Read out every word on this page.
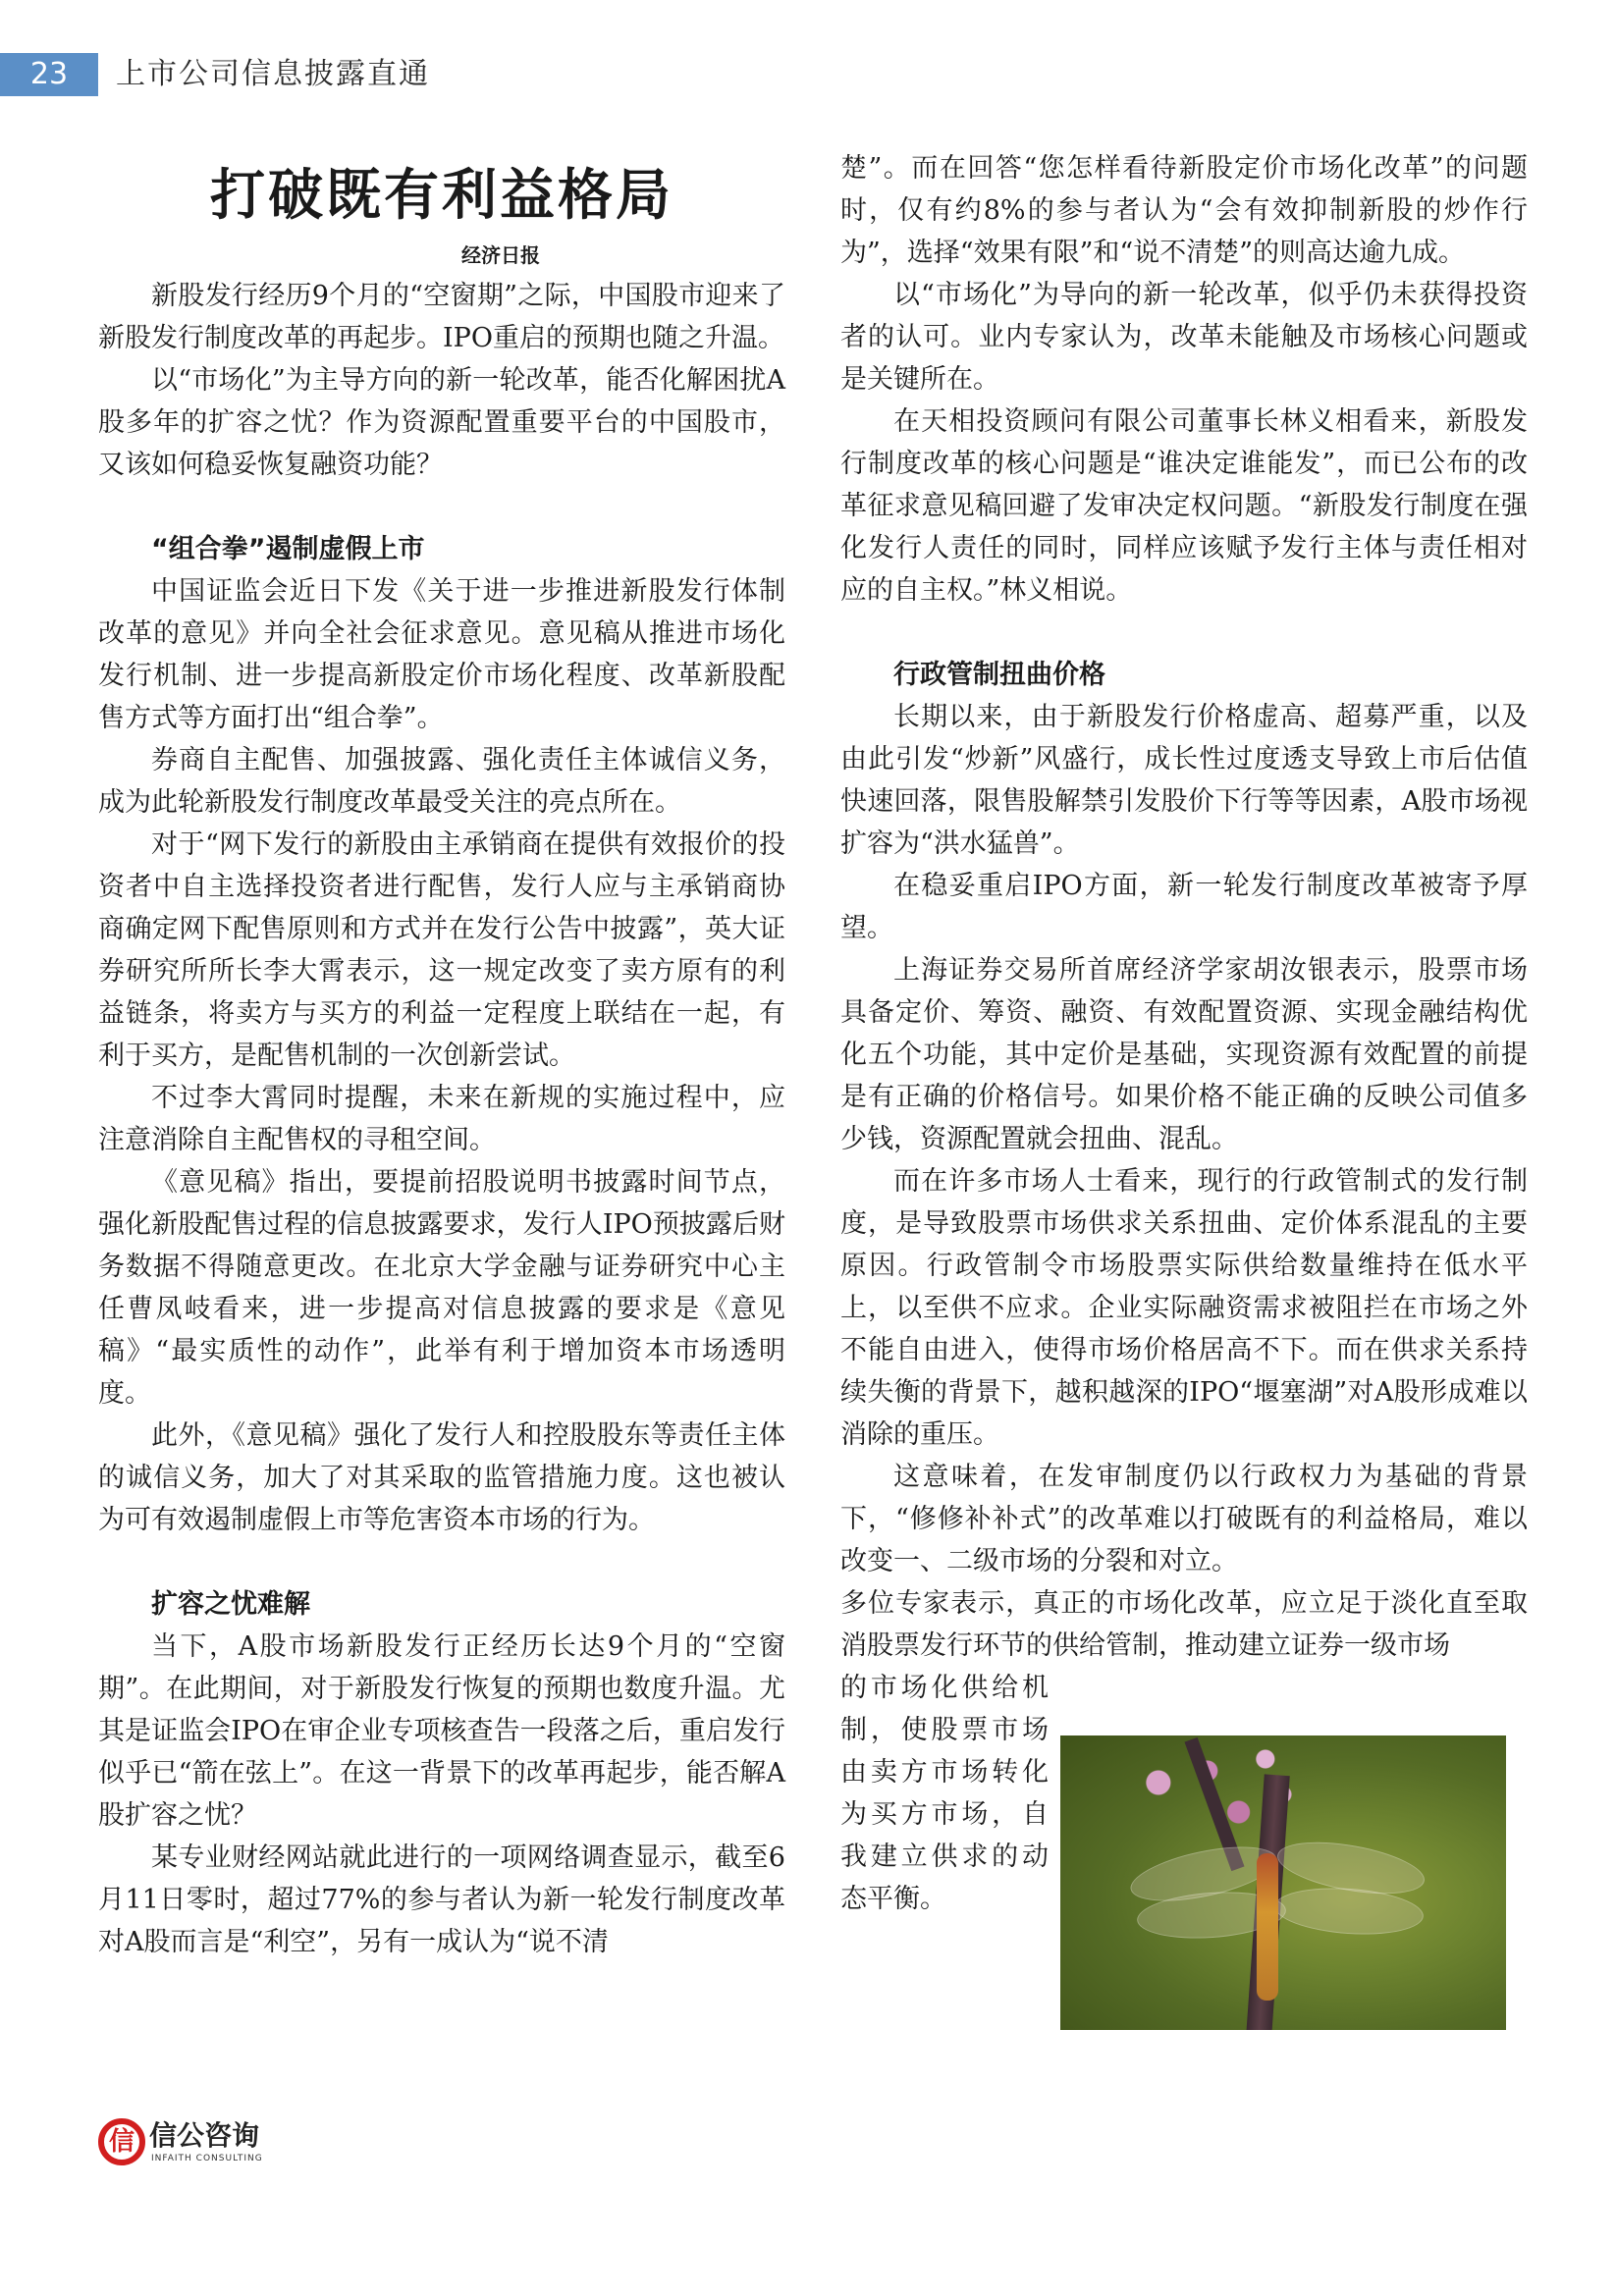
23	上市公司信息披露直通
打破既有利益格局
经济日报

新股发行经历9个月的“空窗期”之际，中国股市迎来了新股发行制度改革的再起步。IPO重启的预期也随之升温。

以“市场化”为主导方向的新一轮改革，能否化解困扰A股多年的扩容之忧？作为资源配置重要平台的中国股市，又该如何稳妥恢复融资功能？

“组合拳”遏制虚假上市

中国证监会近日下发《关于进一步推进新股发行体制改革的意见》并向全社会征求意见。意见稿从推进市场化发行机制、进一步提高新股定价市场化程度、改革新股配售方式等方面打出“组合拳”。

券商自主配售、加强披露、强化责任主体诚信义务，成为此轮新股发行制度改革最受关注的亮点所在。

对于“网下发行的新股由主承销商在提供有效报价的投资者中自主选择投资者进行配售，发行人应与主承销商协商确定网下配售原则和方式并在发行公告中披露”，英大证券研究所所长李大霄表示，这一规定改变了卖方原有的利益链条，将卖方与买方的利益一定程度上联结在一起，有利于买方，是配售机制的一次创新尝试。

不过李大霄同时提醒，未来在新规的实施过程中，应注意消除自主配售权的寻租空间。

《意见稿》指出，要提前招股说明书披露时间节点，强化新股配售过程的信息披露要求，发行人IPO预披露后财务数据不得随意更改。在北京大学金融与证券研究中心主任曹凤岐看来，进一步提高对信息披露的要求是《意见稿》“最实质性的动作”，此举有利于增加资本市场透明度。

此外，《意见稿》强化了发行人和控股股东等责任主体的诚信义务，加大了对其采取的监管措施力度。这也被认为可有效遏制虚假上市等危害资本市场的行为。

扩容之忧难解

当下，A股市场新股发行正经历长达9个月的“空窗期”。在此期间，对于新股发行恢复的预期也数度升温。尤其是证监会IPO在审企业专项核查告一段落之后，重启发行似乎已“箭在弦上”。在这一背景下的改革再起步，能否解A股扩容之忧？

某专业财经网站就此进行的一项网络调查显示，截至6月11日零时，超过77%的参与者认为新一轮发行制度改革对A股而言是“利空”，另有一成认为“说不清

楚”。而在回答“您怎样看待新股定价市场化改革”的问题时，仅有约8%的参与者认为“会有效抑制新股的炒作行为”，选择“效果有限”和“说不清楚”的则高达逾九成。

以“市场化”为导向的新一轮改革，似乎仍未获得投资者的认可。业内专家认为，改革未能触及市场核心问题或是关键所在。

在天相投资顾问有限公司董事长林义相看来，新股发行制度改革的核心问题是“谁决定谁能发”，而已公布的改革征求意见稿回避了发审决定权问题。“新股发行制度在强化发行人责任的同时，同样应该赋予发行主体与责任相对应的自主权。”林义相说。

行政管制扭曲价格

长期以来，由于新股发行价格虚高、超募严重，以及由此引发“炒新”风盛行，成长性过度透支导致上市后估值快速回落，限售股解禁引发股价下行等等因素，A股市场视扩容为“洪水猛兽”。

在稳妥重启IPO方面，新一轮发行制度改革被寄予厚望。

上海证券交易所首席经济学家胡汝银表示，股票市场具备定价、筹资、融资、有效配置资源、实现金融结构优化五个功能，其中定价是基础，实现资源有效配置的前提是有正确的价格信号。如果价格不能正确的反映公司值多少钱，资源配置就会扭曲、混乱。

而在许多市场人士看来，现行的行政管制式的发行制度，是导致股票市场供求关系扭曲、定价体系混乱的主要原因。行政管制令市场股票实际供给数量维持在低水平上，以至供不应求。企业实际融资需求被阻拦在市场之外不能自由进入，使得市场价格居高不下。而在供求关系持续失衡的背景下，越积越深的IPO“堰塞湖”对A股形成难以消除的重压。

这意味着，在发审制度仍以行政权力为基础的背景下，“修修补补式”的改革难以打破既有的利益格局，难以改变一、二级市场的分裂和对立。

多位专家表示，真正的市场化改革，应立足于淡化直至取消股票发行环节的供给管制，推动建立证券一级市场

的市场化供给机制，使股票市场由卖方市场转化为买方市场，自我建立供求的动态平衡。

信 信公咨询
INFAITH CONSULTING
